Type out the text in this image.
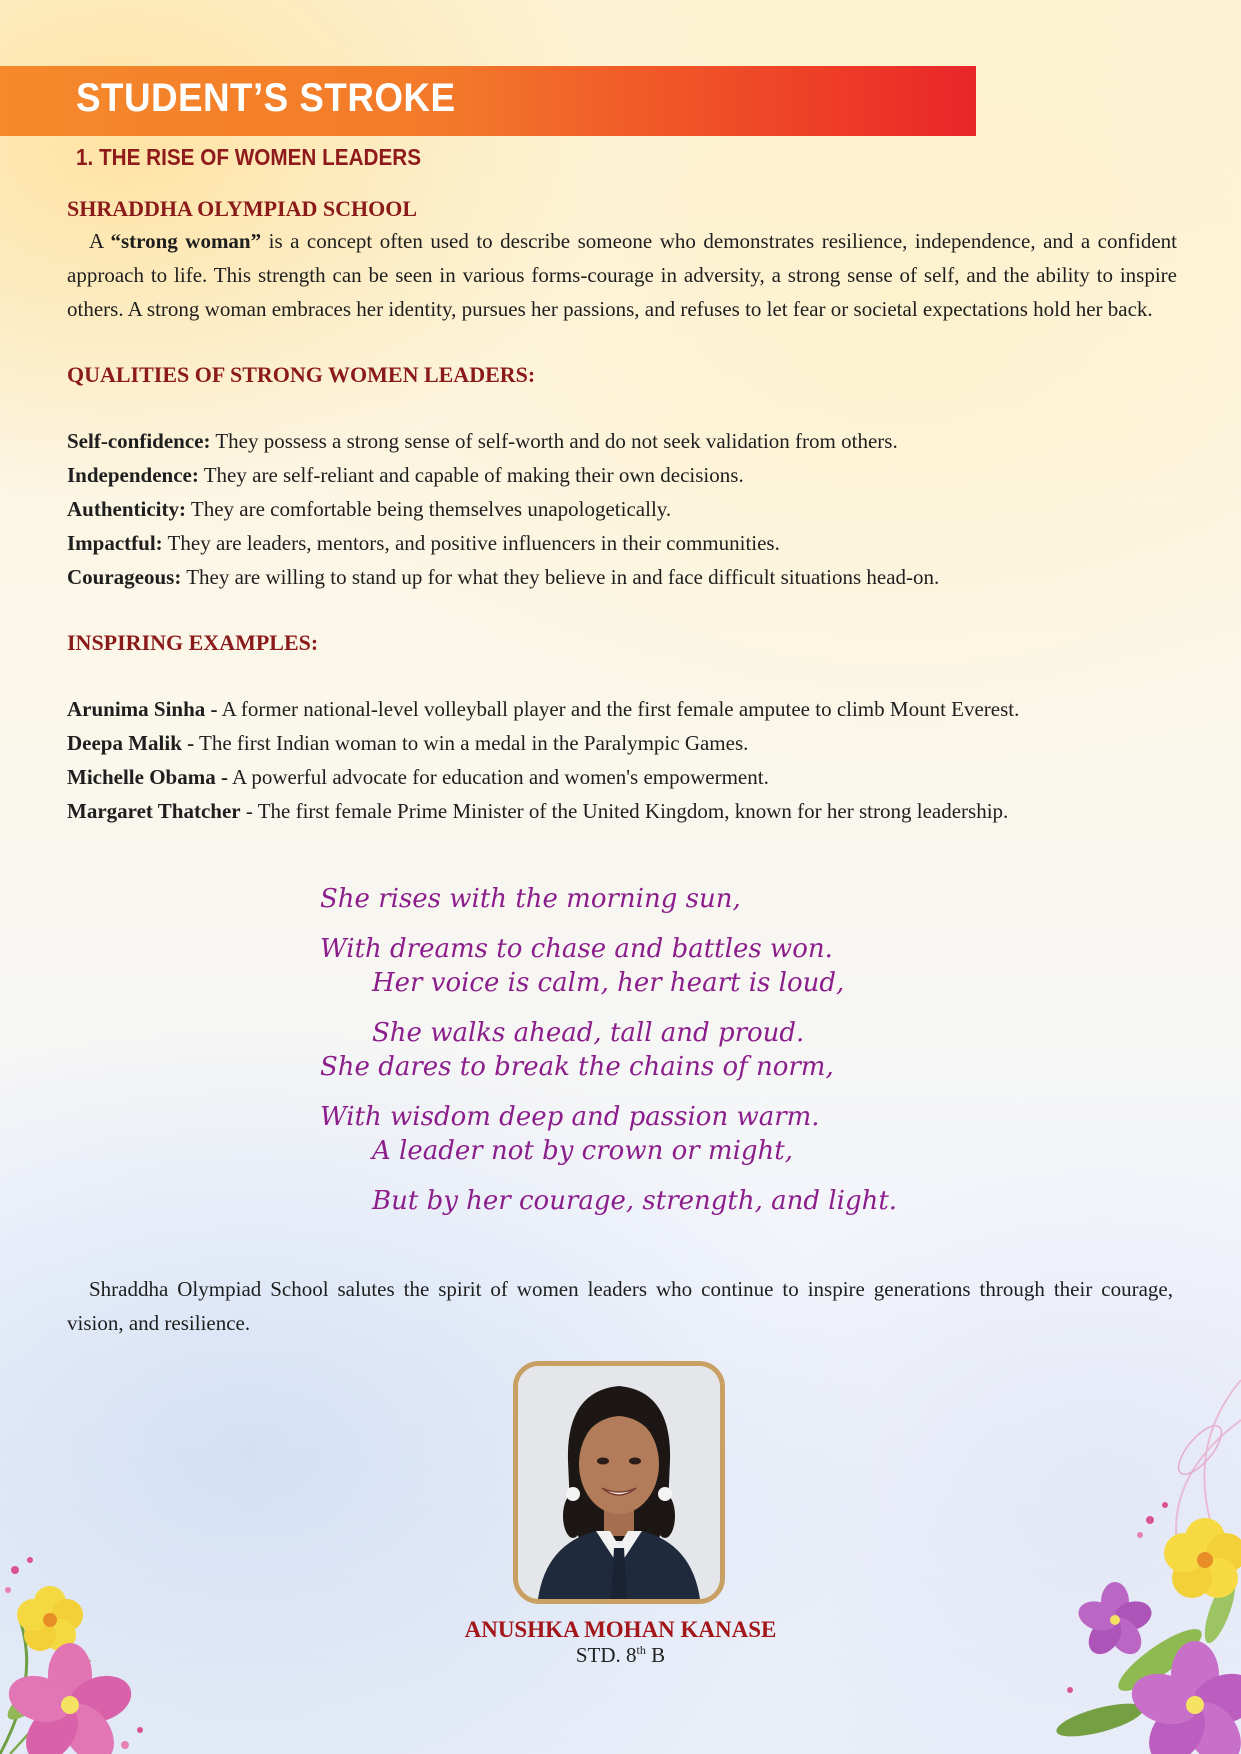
STUDENT’S STROKE
1. THE RISE OF WOMEN LEADERS

SHRADDHA OLYMPIAD SCHOOL

A “strong woman” is a concept often used to describe someone who demonstrates resilience, independence, and a confident approach to life. This strength can be seen in various forms-courage in adversity, a strong sense of self, and the ability to inspire others. A strong woman embraces her identity, pursues her passions, and refuses to let fear or societal expectations hold her back.

QUALITIES OF STRONG WOMEN LEADERS:

Self-confidence: They possess a strong sense of self-worth and do not seek validation from others.
Independence: They are self-reliant and capable of making their own decisions.
Authenticity: They are comfortable being themselves unapologetically.
Impactful: They are leaders, mentors, and positive influencers in their communities.
Courageous: They are willing to stand up for what they believe in and face difficult situations head-on.

INSPIRING EXAMPLES:

Arunima Sinha - A former national-level volleyball player and the first female amputee to climb Mount Everest.
Deepa Malik - The first Indian woman to win a medal in the Paralympic Games.
Michelle Obama - A powerful advocate for education and women's empowerment.
Margaret Thatcher - The first female Prime Minister of the United Kingdom, known for her strong leadership.
She rises with the morning sun,
With dreams to chase and battles won.
Her voice is calm, her heart is loud,
She walks ahead, tall and proud.
She dares to break the chains of norm,
With wisdom deep and passion warm.
A leader not by crown or might,
But by her courage, strength, and light.

Shraddha Olympiad School salutes the spirit of women leaders who continue to inspire generations through their courage, vision, and resilience.

ANUSHKA MOHAN KANASE

STD. 8th B
